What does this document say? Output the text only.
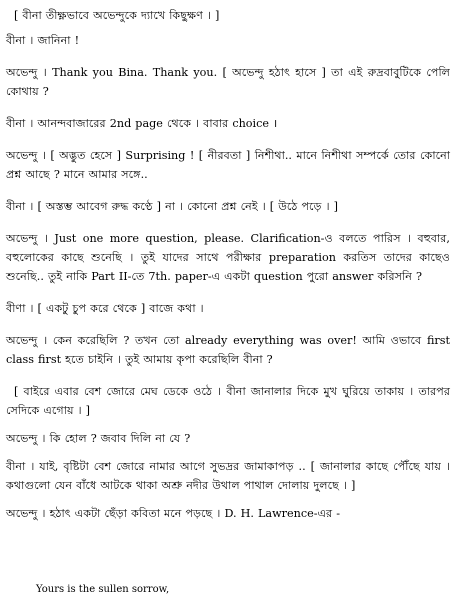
[ বীনা তীক্ষ্ণভাবে অভেন্দুকে দ্যাখে কিছুক্ষণ । ]

বীনা । জানিনা !

অভেন্দু । Thank you Bina. Thank you. [ অভেন্দু হঠাৎ হাসে ] তা এই রুদ্রবাবুটিকে পেলি কোথায় ?

বীনা । আনন্দবাজারের 2nd page থেকে । বাবার choice ।

অভেন্দু । [ অদ্ভুত হেসে ] Surprising ! [ নীরবতা ] নিশীথা.. মানে নিশীথা সম্পর্কে তোর কোনো প্রশ্ন আছে ? মানে আমার সঙ্গে..

বীনা । [ অস্তম্ভ আবেগ রুদ্ধ কণ্ঠে ] না । কোনো প্রশ্ন নেই । [ উঠে পড়ে । ]

অভেন্দু । Just one more question, please. Clarification-ও বলতে পারিস । বহুবার, বহুলোকের কাছে শুনেছি । তুই যাদের সাথে পরীক্ষার preparation করতিস তাদের কাছেও শুনেছি.. তুই নাকি Part II-তে 7th. paper-এ একটা question পুরো answer করিসনি ?

বীণা । [ একটু চুপ করে থেকে ] বাজে কথা ।

অভেন্দু । কেন করেছিলি ? তখন তো already everything was over! আমি ওভাবে first class first হতে চাইনি । তুই আমায় কৃপা করেছিলি বীনা ?

[ বাইরে এবার বেশ জোরে মেঘ ডেকে ওঠে । বীনা জানালার দিকে মুখ ঘুরিয়ে তাকায় । তারপর সেদিকে এগোয় । ]

অভেন্দু । কি হোল ? জবাব দিলি না যে ?

বীনা । যাই, বৃষ্টিটা বেশ জোরে নামার আগে সুভদ্রর জামাকাপড় .. [ জানালার কাছে পৌঁছে যায় । কথাগুলো যেন বাঁধে আটকে থাকা অশ্রু নদীর উথাল পাথাল দোলায় দুলছে । ]

অভেন্দু । হঠাৎ একটা ছেঁড়া কবিতা মনে পড়ছে । D. H. Lawrence-এর -

Yours is the sullen sorrow,
